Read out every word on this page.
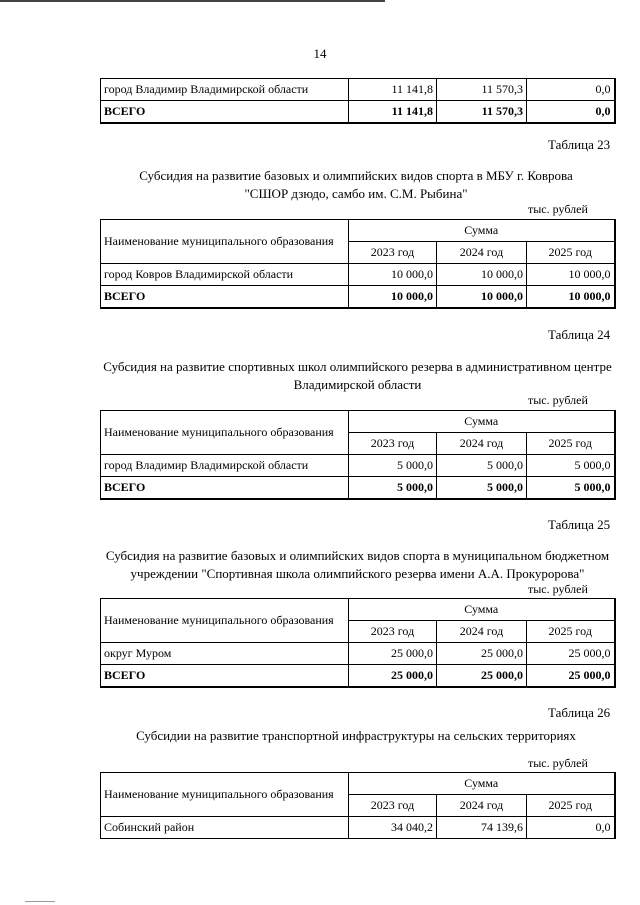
14
город Владимир Владимирской области	11 141,8	11 570,3	0,0
ВСЕГО	11 141,8	11 570,3	0,0
Таблица 23
Субсидия на развитие базовых и олимпийских видов спорта в МБУ г. Коврова
"СШОР дзюдо, самбо им. С.М. Рыбина"
тыс. рублей
Наименование муниципального образования	Сумма		
	2023 год	2024 год	2025 год
город Ковров Владимирской области	10 000,0	10 000,0	10 000,0
ВСЕГО	10 000,0	10 000,0	10 000,0
Таблица 24
Субсидия на развитие спортивных школ олимпийского резерва в административном центре
Владимирской области
тыс. рублей
Наименование муниципального образования	Сумма		
	2023 год	2024 год	2025 год
город Владимир Владимирской области	5 000,0	5 000,0	5 000,0
ВСЕГО	5 000,0	5 000,0	5 000,0
Таблица 25
Субсидия на развитие базовых и олимпийских видов спорта в муниципальном бюджетном
учреждении "Спортивная школа олимпийского резерва имени А.А. Прокуророва"
тыс. рублей
Наименование муниципального образования	Сумма		
	2023 год	2024 год	2025 год
округ Муром	25 000,0	25 000,0	25 000,0
ВСЕГО	25 000,0	25 000,0	25 000,0
Таблица 26
Субсидии на развитие транспортной инфраструктуры на сельских территориях
тыс. рублей
Наименование муниципального образования	Сумма		
	2023 год	2024 год	2025 год
Собинский район	34 040,2	74 139,6	0,0
